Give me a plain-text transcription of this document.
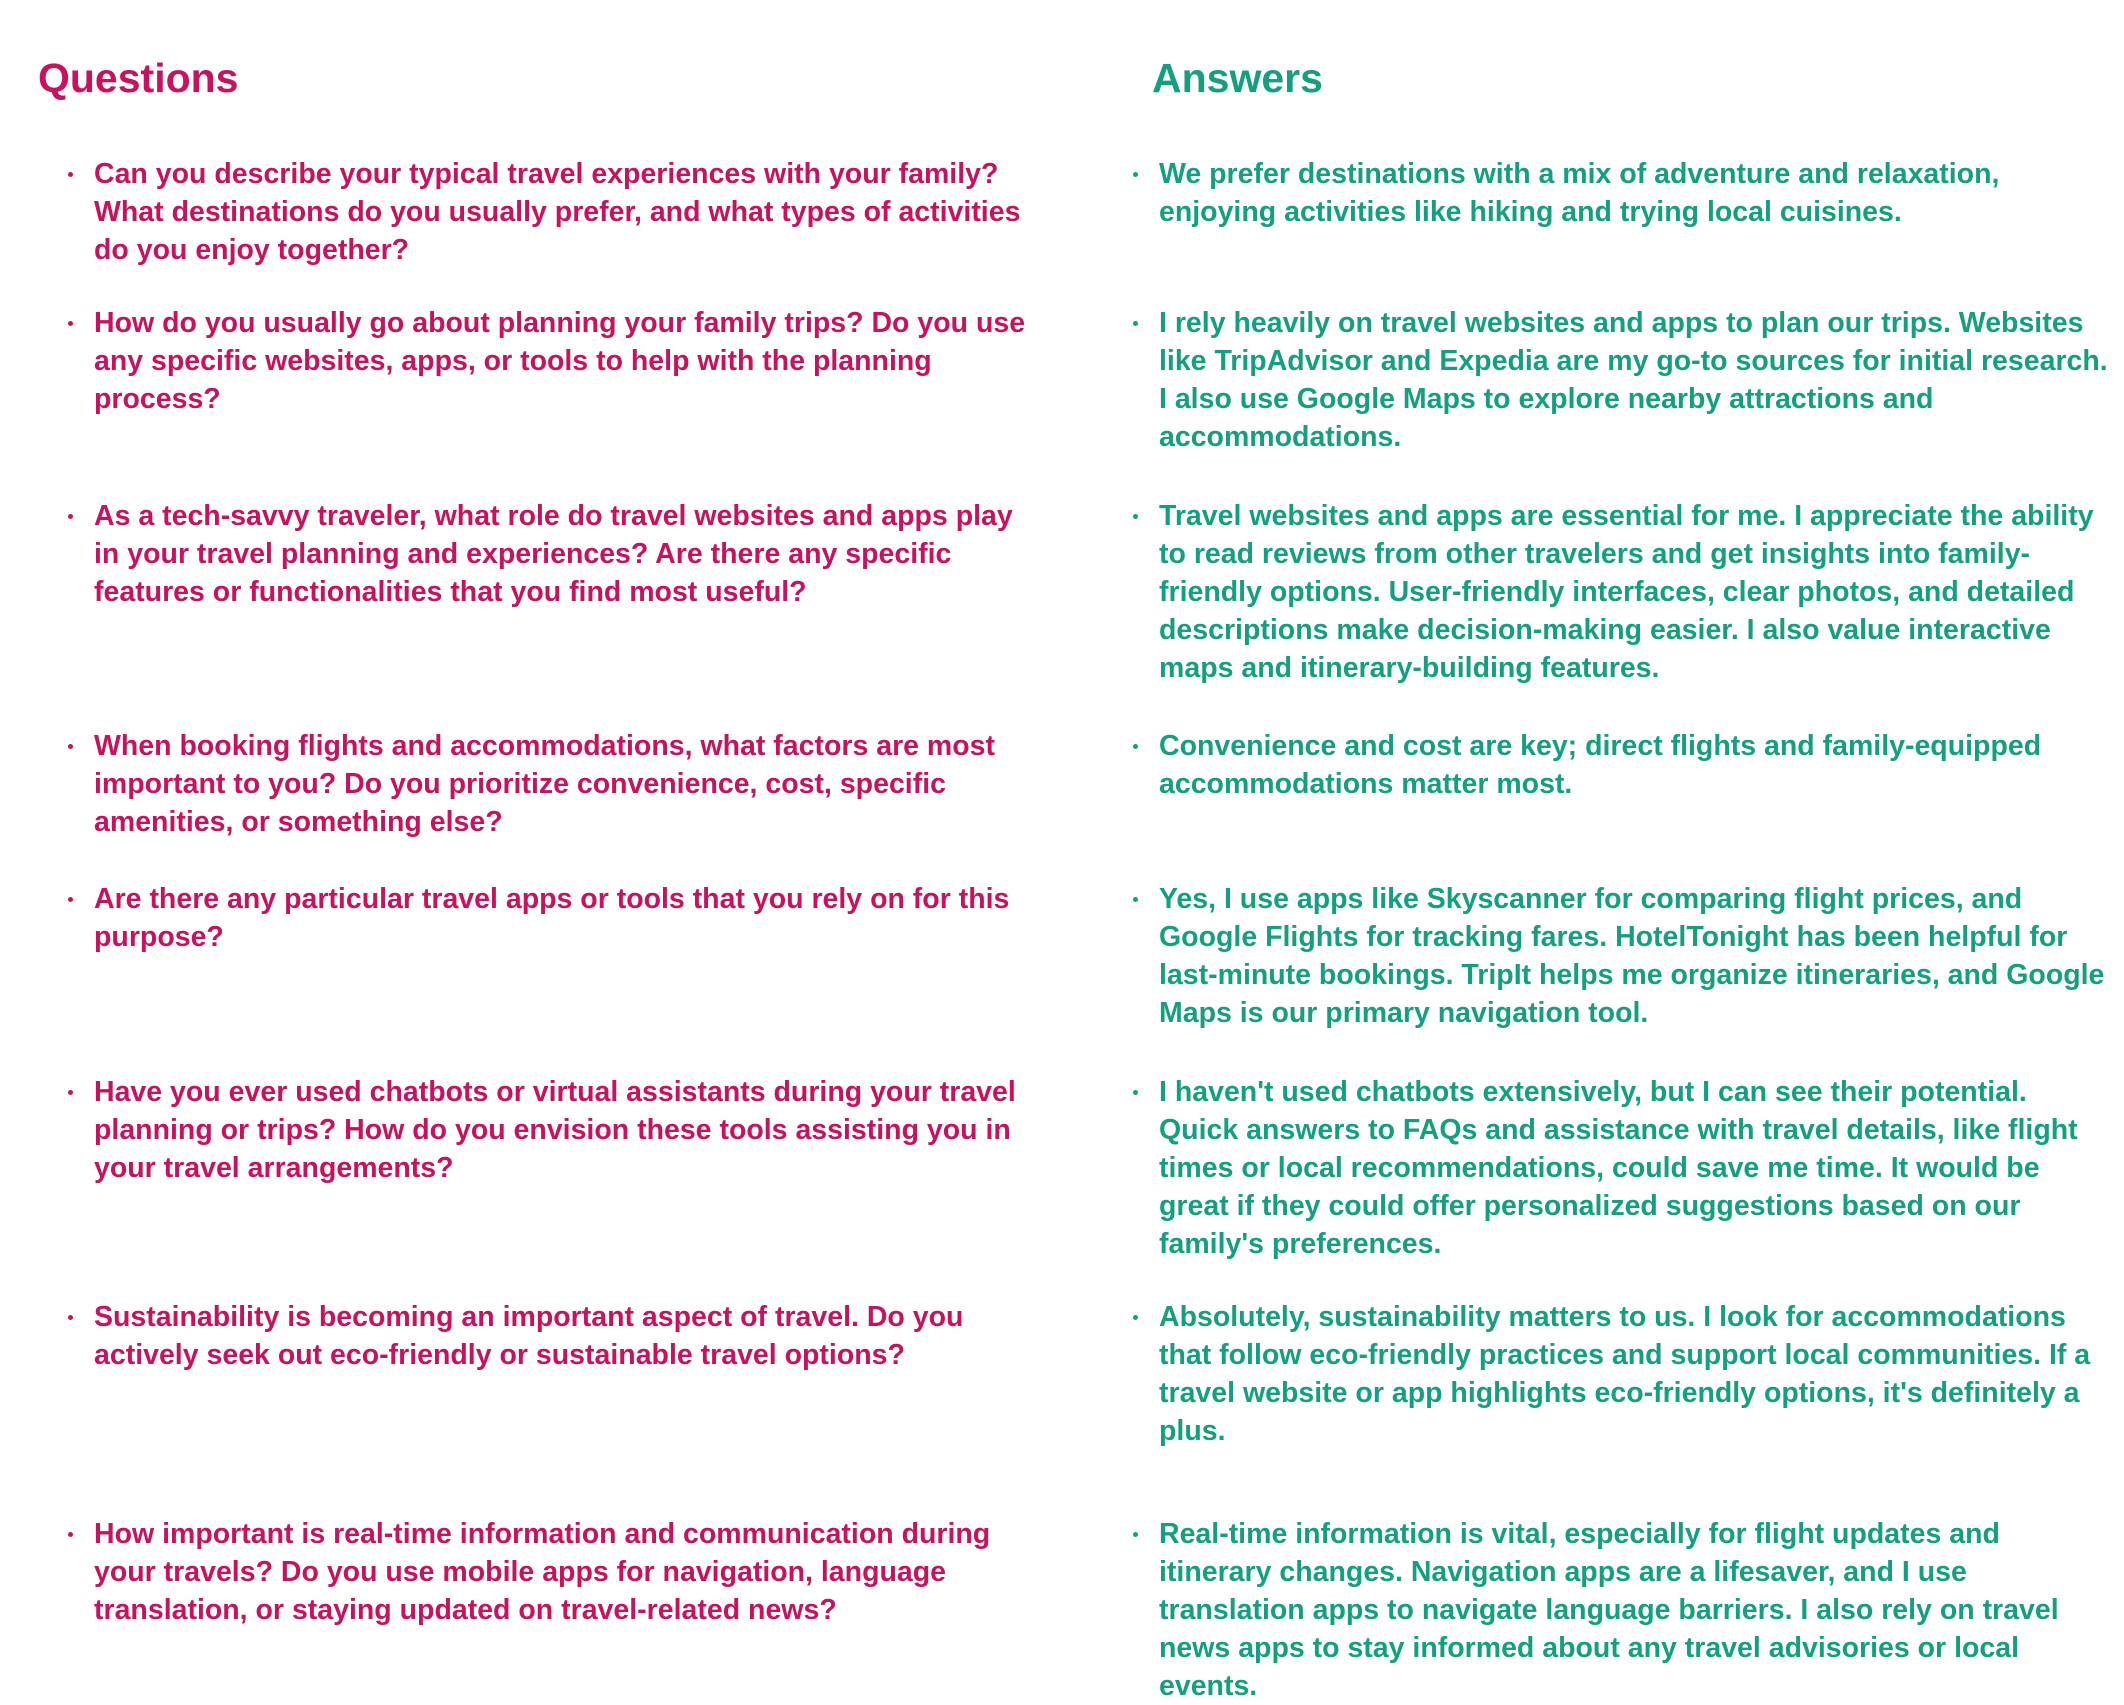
Questions

Can you describe your typical travel experiences with your family? What destinations do you usually prefer, and what types of activities do you enjoy together?

How do you usually go about planning your family trips? Do you use any specific websites, apps, or tools to help with the planning process?

As a tech-savvy traveler, what role do travel websites and apps play in your travel planning and experiences? Are there any specific features or functionalities that you find most useful?

When booking flights and accommodations, what factors are most important to you? Do you prioritize convenience, cost, specific amenities, or something else?

Are there any particular travel apps or tools that you rely on for this purpose?

Have you ever used chatbots or virtual assistants during your travel planning or trips? How do you envision these tools assisting you in your travel arrangements?

Sustainability is becoming an important aspect of travel. Do you actively seek out eco-friendly or sustainable travel options?

How important is real-time information and communication during your travels? Do you use mobile apps for navigation, language translation, or staying updated on travel-related news?

Answers

We prefer destinations with a mix of adventure and relaxation, enjoying activities like hiking and trying local cuisines.

I rely heavily on travel websites and apps to plan our trips. Websites like TripAdvisor and Expedia are my go-to sources for initial research. I also use Google Maps to explore nearby attractions and accommodations.

Travel websites and apps are essential for me. I appreciate the ability to read reviews from other travelers and get insights into family-friendly options. User-friendly interfaces, clear photos, and detailed descriptions make decision-making easier. I also value interactive maps and itinerary-building features.

Convenience and cost are key; direct flights and family-equipped accommodations matter most.

Yes, I use apps like Skyscanner for comparing flight prices, and Google Flights for tracking fares. HotelTonight has been helpful for last-minute bookings. TripIt helps me organize itineraries, and Google Maps is our primary navigation tool.

I haven't used chatbots extensively, but I can see their potential. Quick answers to FAQs and assistance with travel details, like flight times or local recommendations, could save me time. It would be great if they could offer personalized suggestions based on our family's preferences.

Absolutely, sustainability matters to us. I look for accommodations that follow eco-friendly practices and support local communities. If a travel website or app highlights eco-friendly options, it's definitely a plus.

Real-time information is vital, especially for flight updates and itinerary changes. Navigation apps are a lifesaver, and I use translation apps to navigate language barriers. I also rely on travel news apps to stay informed about any travel advisories or local events.
